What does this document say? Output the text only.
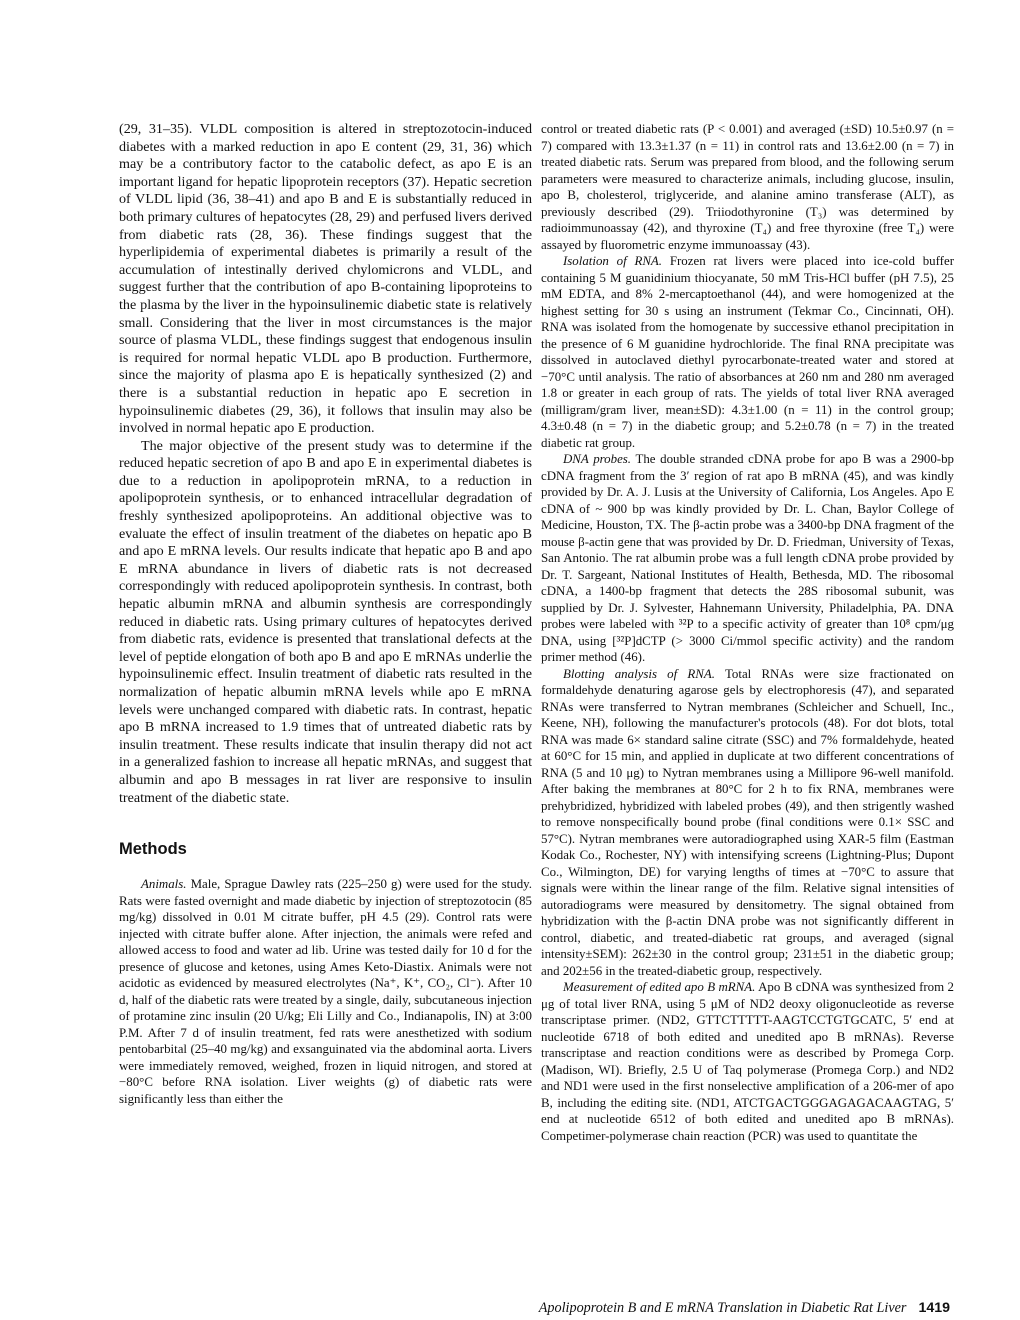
(29, 31–35). VLDL composition is altered in streptozotocin-induced diabetes with a marked reduction in apo E content (29, 31, 36) which may be a contributory factor to the catabolic defect, as apo E is an important ligand for hepatic lipoprotein receptors (37). Hepatic secretion of VLDL lipid (36, 38–41) and apo B and E is substantially reduced in both primary cultures of hepatocytes (28, 29) and perfused livers derived from diabetic rats (28, 36). These findings suggest that the hyperlipidemia of experimental diabetes is primarily a result of the accumulation of intestinally derived chylomicrons and VLDL, and suggest further that the contribution of apo B-containing lipoproteins to the plasma by the liver in the hypoinsulinemic diabetic state is relatively small. Considering that the liver in most circumstances is the major source of plasma VLDL, these findings suggest that endogenous insulin is required for normal hepatic VLDL apo B production. Furthermore, since the majority of plasma apo E is hepatically synthesized (2) and there is a substantial reduction in hepatic apo E secretion in hypoinsulinemic diabetes (29, 36), it follows that insulin may also be involved in normal hepatic apo E production.

The major objective of the present study was to determine if the reduced hepatic secretion of apo B and apo E in experimental diabetes is due to a reduction in apolipoprotein mRNA, to a reduction in apolipoprotein synthesis, or to enhanced intracellular degradation of freshly synthesized apolipoproteins. An additional objective was to evaluate the effect of insulin treatment of the diabetes on hepatic apo B and apo E mRNA levels. Our results indicate that hepatic apo B and apo E mRNA abundance in livers of diabetic rats is not decreased correspondingly with reduced apolipoprotein synthesis. In contrast, both hepatic albumin mRNA and albumin synthesis are correspondingly reduced in diabetic rats. Using primary cultures of hepatocytes derived from diabetic rats, evidence is presented that translational defects at the level of peptide elongation of both apo B and apo E mRNAs underlie the hypoinsulinemic effect. Insulin treatment of diabetic rats resulted in the normalization of hepatic albumin mRNA levels while apo E mRNA levels were unchanged compared with diabetic rats. In contrast, hepatic apo B mRNA increased to 1.9 times that of untreated diabetic rats by insulin treatment. These results indicate that insulin therapy did not act in a generalized fashion to increase all hepatic mRNAs, and suggest that albumin and apo B messages in rat liver are responsive to insulin treatment of the diabetic state.

Methods

Animals. Male, Sprague Dawley rats (225–250 g) were used for the study. Rats were fasted overnight and made diabetic by injection of streptozotocin (85 mg/kg) dissolved in 0.01 M citrate buffer, pH 4.5 (29). Control rats were injected with citrate buffer alone. After injection, the animals were refed and allowed access to food and water ad lib. Urine was tested daily for 10 d for the presence of glucose and ketones, using Ames Keto-Diastix. Animals were not acidotic as evidenced by measured electrolytes (Na⁺, K⁺, CO₂, Cl⁻). After 10 d, half of the diabetic rats were treated by a single, daily, subcutaneous injection of protamine zinc insulin (20 U/kg; Eli Lilly and Co., Indianapolis, IN) at 3:00 P.M. After 7 d of insulin treatment, fed rats were anesthetized with sodium pentobarbital (25–40 mg/kg) and exsanguinated via the abdominal aorta. Livers were immediately removed, weighed, frozen in liquid nitrogen, and stored at −80°C before RNA isolation. Liver weights (g) of diabetic rats were significantly less than either the

control or treated diabetic rats (P < 0.001) and averaged (±SD) 10.5±0.97 (n = 7) compared with 13.3±1.37 (n = 11) in control rats and 13.6±2.00 (n = 7) in treated diabetic rats. Serum was prepared from blood, and the following serum parameters were measured to characterize animals, including glucose, insulin, apo B, cholesterol, triglyceride, and alanine amino transferase (ALT), as previously described (29). Triiodothyronine (T₃) was determined by radioimmunoassay (42), and thyroxine (T₄) and free thyroxine (free T₄) were assayed by fluorometric enzyme immunoassay (43).

Isolation of RNA. Frozen rat livers were placed into ice-cold buffer containing 5 M guanidinium thiocyanate, 50 mM Tris-HCl buffer (pH 7.5), 25 mM EDTA, and 8% 2-mercaptoethanol (44), and were homogenized at the highest setting for 30 s using an instrument (Tekmar Co., Cincinnati, OH). RNA was isolated from the homogenate by successive ethanol precipitation in the presence of 6 M guanidine hydrochloride. The final RNA precipitate was dissolved in autoclaved diethyl pyrocarbonate-treated water and stored at −70°C until analysis. The ratio of absorbances at 260 nm and 280 nm averaged 1.8 or greater in each group of rats. The yields of total liver RNA averaged (milligram/gram liver, mean±SD): 4.3±1.00 (n = 11) in the control group; 4.3±0.48 (n = 7) in the diabetic group; and 5.2±0.78 (n = 7) in the treated diabetic rat group.

DNA probes. The double stranded cDNA probe for apo B was a 2900-bp cDNA fragment from the 3′ region of rat apo B mRNA (45), and was kindly provided by Dr. A. J. Lusis at the University of California, Los Angeles. Apo E cDNA of ~ 900 bp was kindly provided by Dr. L. Chan, Baylor College of Medicine, Houston, TX. The β-actin probe was a 3400-bp DNA fragment of the mouse β-actin gene that was provided by Dr. D. Friedman, University of Texas, San Antonio. The rat albumin probe was a full length cDNA probe provided by Dr. T. Sargeant, National Institutes of Health, Bethesda, MD. The ribosomal cDNA, a 1400-bp fragment that detects the 28S ribosomal subunit, was supplied by Dr. J. Sylvester, Hahnemann University, Philadelphia, PA. DNA probes were labeled with ³²P to a specific activity of greater than 10⁸ cpm/μg DNA, using [³²P]dCTP (> 3000 Ci/mmol specific activity) and the random primer method (46).

Blotting analysis of RNA. Total RNAs were size fractionated on formaldehyde denaturing agarose gels by electrophoresis (47), and separated RNAs were transferred to Nytran membranes (Schleicher and Schuell, Inc., Keene, NH), following the manufacturer's protocols (48). For dot blots, total RNA was made 6× standard saline citrate (SSC) and 7% formaldehyde, heated at 60°C for 15 min, and applied in duplicate at two different concentrations of RNA (5 and 10 μg) to Nytran membranes using a Millipore 96-well manifold. After baking the membranes at 80°C for 2 h to fix RNA, membranes were prehybridized, hybridized with labeled probes (49), and then strigently washed to remove nonspecifically bound probe (final conditions were 0.1× SSC and 57°C). Nytran membranes were autoradiographed using XAR-5 film (Eastman Kodak Co., Rochester, NY) with intensifying screens (Lightning-Plus; Dupont Co., Wilmington, DE) for varying lengths of times at −70°C to assure that signals were within the linear range of the film. Relative signal intensities of autoradiograms were measured by densitometry. The signal obtained from hybridization with the β-actin DNA probe was not significantly different in control, diabetic, and treated-diabetic rat groups, and averaged (signal intensity±SEM): 262±30 in the control group; 231±51 in the diabetic group; and 202±56 in the treated-diabetic group, respectively.

Measurement of edited apo B mRNA. Apo B cDNA was synthesized from 2 μg of total liver RNA, using 5 μM of ND2 deoxy oligonucleotide as reverse transcriptase primer. (ND2, GTTCTTTTT-AAGTCCTGTGCATC, 5′ end at nucleotide 6718 of both edited and unedited apo B mRNAs). Reverse transcriptase and reaction conditions were as described by Promega Corp. (Madison, WI). Briefly, 2.5 U of Taq polymerase (Promega Corp.) and ND2 and ND1 were used in the first nonselective amplification of a 206-mer of apo B, including the editing site. (ND1, ATCTGACTGGGAGAGACAAGTAG, 5′ end at nucleotide 6512 of both edited and unedited apo B mRNAs). Competimer-polymerase chain reaction (PCR) was used to quantitate the

Apolipoprotein B and E mRNA Translation in Diabetic Rat Liver 1419
